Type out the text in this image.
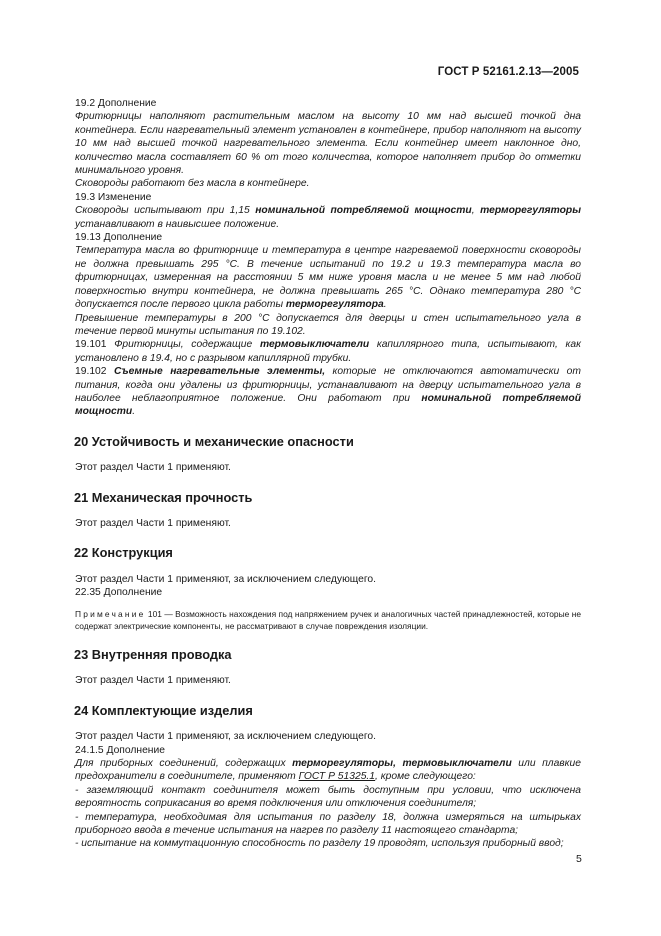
ГОСТ Р 52161.2.13—2005

19.2 Дополнение

Фритюрницы наполняют растительным маслом на высоту 10 мм над высшей точкой дна контейнера. Если нагревательный элемент установлен в контейнере, прибор наполняют на высоту 10 мм над высшей точкой нагревательного элемента. Если контейнер имеет наклонное дно, количество масла составляет 60 % от того количества, которое наполняет прибор до отметки минимального уровня.

Сковороды работают без масла в контейнере.

19.3 Изменение

Сковороды испытывают при 1,15 номинальной потребляемой мощности, терморегуляторы устанавливают в наивысшее положение.

19.13 Дополнение

Температура масла во фритюрнице и температура в центре нагреваемой поверхности сковороды не должна превышать 295 °С. В течение испытаний по 19.2 и 19.3 температура масла во фритюрницах, измеренная на расстоянии 5 мм ниже уровня масла и не менее 5 мм над любой поверхностью внутри контейнера, не должна превышать 265 °С. Однако температура 280 °С допускается после первого цикла работы терморегулятора.

Превышение температуры в 200 °С допускается для дверцы и стен испытательного угла в течение первой минуты испытания по 19.102.

19.101 Фритюрницы, содержащие термовыключатели капиллярного типа, испытывают, как установлено в 19.4, но с разрывом капиллярной трубки.

19.102 Съемные нагревательные элементы, которые не отключаются автоматически от питания, когда они удалены из фритюрницы, устанавливают на дверцу испытательного угла в наиболее неблагоприятное положение. Они работают при номинальной потребляемой мощности.

20 Устойчивость и механические опасности

Этот раздел Части 1 применяют.

21 Механическая прочность

Этот раздел Части 1 применяют.

22 Конструкция

Этот раздел Части 1 применяют, за исключением следующего.

22.35 Дополнение

Примечание 101 — Возможность нахождения под напряжением ручек и аналогичных частей принадлежностей, которые не содержат электрические компоненты, не рассматривают в случае повреждения изоляции.

23 Внутренняя проводка

Этот раздел Части 1 применяют.

24 Комплектующие изделия

Этот раздел Части 1 применяют, за исключением следующего.

24.1.5 Дополнение

Для приборных соединений, содержащих терморегуляторы, термовыключатели или плавкие предохранители в соединителе, применяют ГОСТ Р 51325.1, кроме следующего:

- заземляющий контакт соединителя может быть доступным при условии, что исключена вероятность соприкасания во время подключения или отключения соединителя;

- температура, необходимая для испытания по разделу 18, должна измеряться на штырьках приборного ввода в течение испытания на нагрев по разделу 11 настоящего стандарта;

- испытание на коммутационную способность по разделу 19 проводят, используя приборный ввод;

5
